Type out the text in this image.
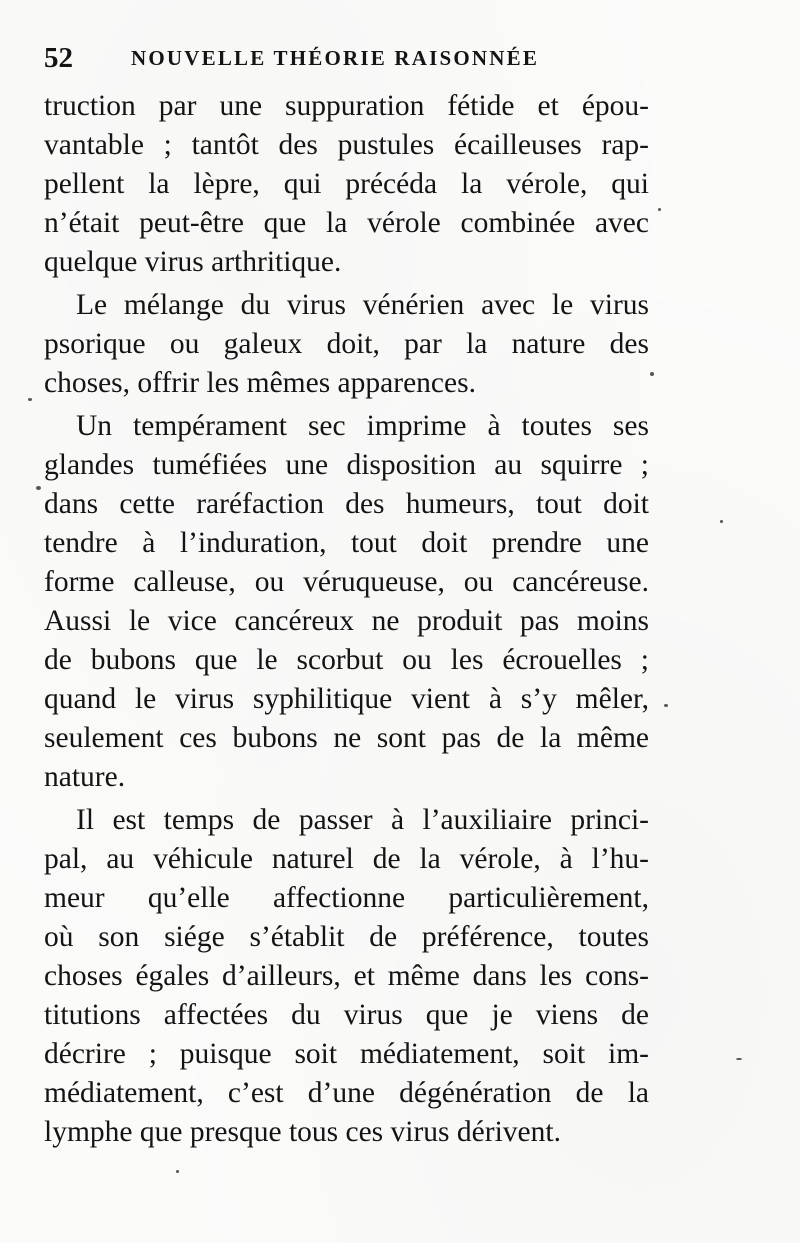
52	NOUVELLE THÉORIE RAISONNÉE
truction par une suppuration fétide et épou-
vantable ; tantôt des pustules écailleuses rap-
pellent la lèpre, qui précéda la vérole, qui
n’était peut-être que la vérole combinée avec
quelque virus arthritique.
Le mélange du virus vénérien avec le virus
psorique ou galeux doit, par la nature des
choses, offrir les mêmes apparences.
Un tempérament sec imprime à toutes ses
glandes tuméfiées une disposition au squirre ;
dans cette raréfaction des humeurs, tout doit
tendre à l’induration, tout doit prendre une
forme calleuse, ou véruqueuse, ou cancéreuse.
Aussi le vice cancéreux ne produit pas moins
de bubons que le scorbut ou les écrouelles ;
quand le virus syphilitique vient à s’y mêler,
seulement ces bubons ne sont pas de la même
nature.
Il est temps de passer à l’auxiliaire princi-
pal, au véhicule naturel de la vérole, à l’hu-
meur qu’elle affectionne particulièrement,
où son siége s’établit de préférence, toutes
choses égales d’ailleurs, et même dans les cons-
titutions affectées du virus que je viens de
décrire ; puisque soit médiatement, soit im-
médiatement, c’est d’une dégénération de la
lymphe que presque tous ces virus dérivent.
